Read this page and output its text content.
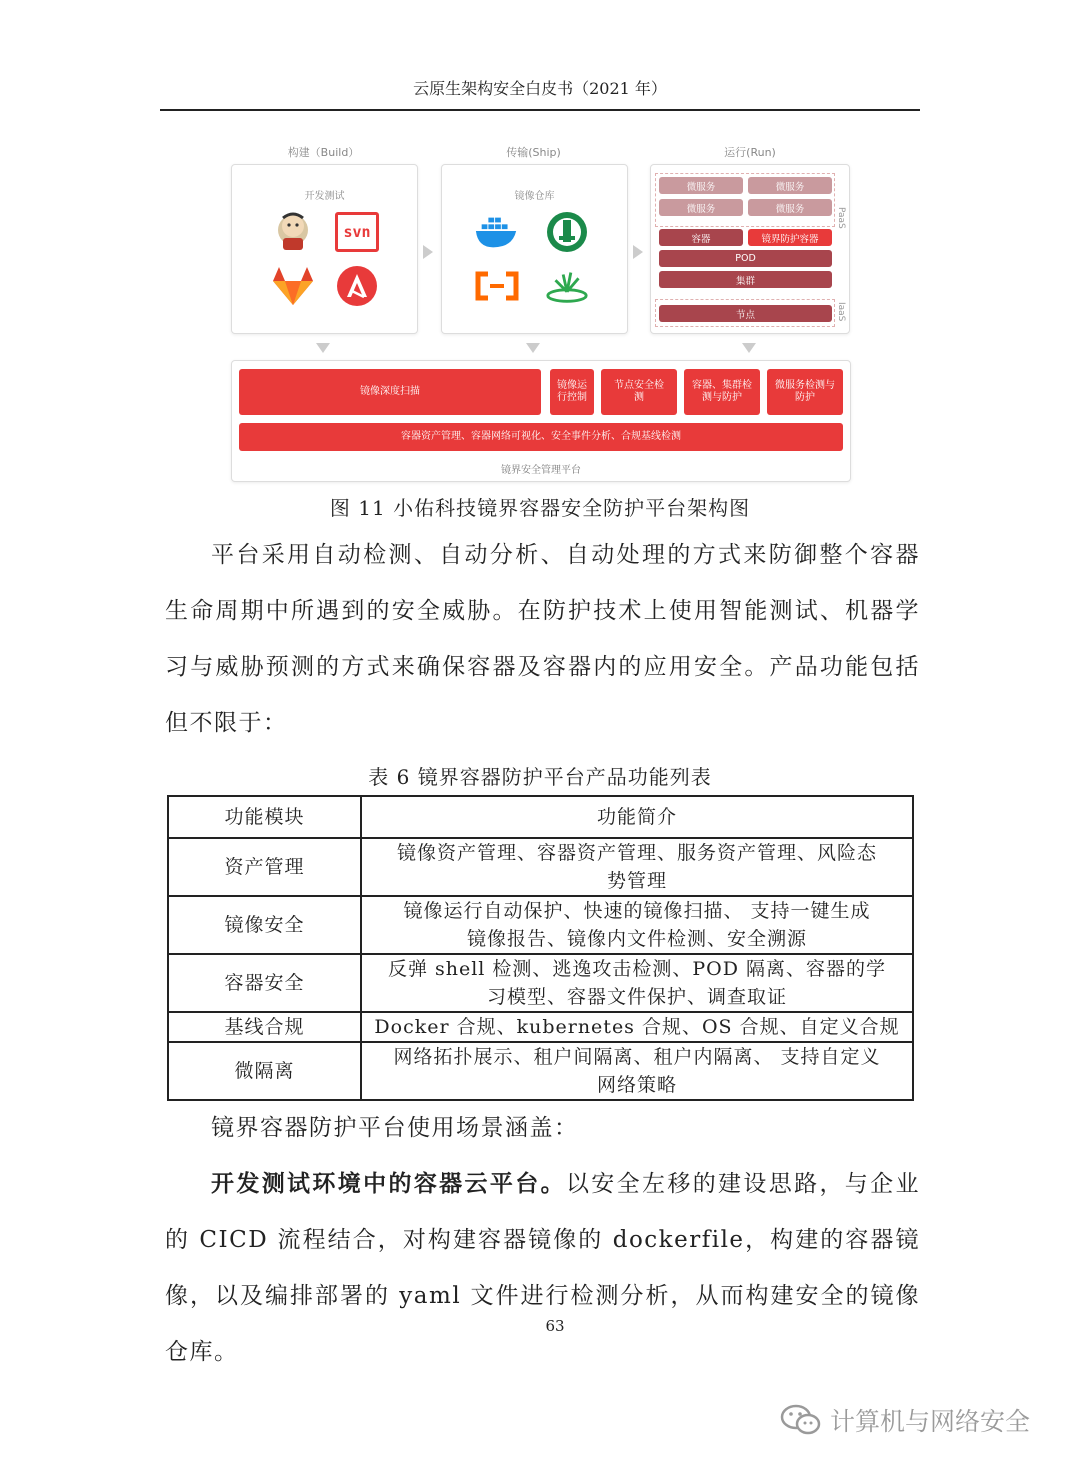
云原生架构安全白皮书（2021 年）
构建（Build）	传输(Ship)	运行(Run)
开发测试
svn
镜像仓库
微服务	微服务
微服务	微服务
容器	镜界防护容器
POD
集群
节点
PaaS
IaaS
镜像深度扫描
镜像运行控制
节点安全检测
容器、集群检测与防护
微服务检测与防护
容器资产管理、容器网络可视化、安全事件分析、合规基线检测
镜界安全管理平台
图 11 小佑科技镜界容器安全防护平台架构图

平台采用自动检测、自动分析、自动处理的方式来防御整个容器生命周期中所遇到的安全威胁。在防护技术上使用智能测试、机器学习与威胁预测的方式来确保容器及容器内的应用安全。产品功能包括但不限于：

表 6 镜界容器防护平台产品功能列表
功能模块	功能简介
资产管理	镜像资产管理、容器资产管理、服务资产管理、风险态
势管理

镜像安全	镜像运行自动保护、快速的镜像扫描、 支持一键生成
镜像报告、镜像内文件检测、安全溯源

容器安全	反弹 shell 检测、逃逸攻击检测、POD 隔离、容器的学
习模型、容器文件保护、调查取证

基线合规	Docker 合规、kubernetes 合规、OS 合规、自定义合规
微隔离	网络拓扑展示、租户间隔离、租户内隔离、 支持自定义
网络策略

镜界容器防护平台使用场景涵盖：

开发测试环境中的容器云平台。以安全左移的建设思路，与企业的 CICD 流程结合，对构建容器镜像的 dockerfile，构建的容器镜像，以及编排部署的 yaml 文件进行检测分析，从而构建安全的镜像仓库。

63
计算机与网络安全
